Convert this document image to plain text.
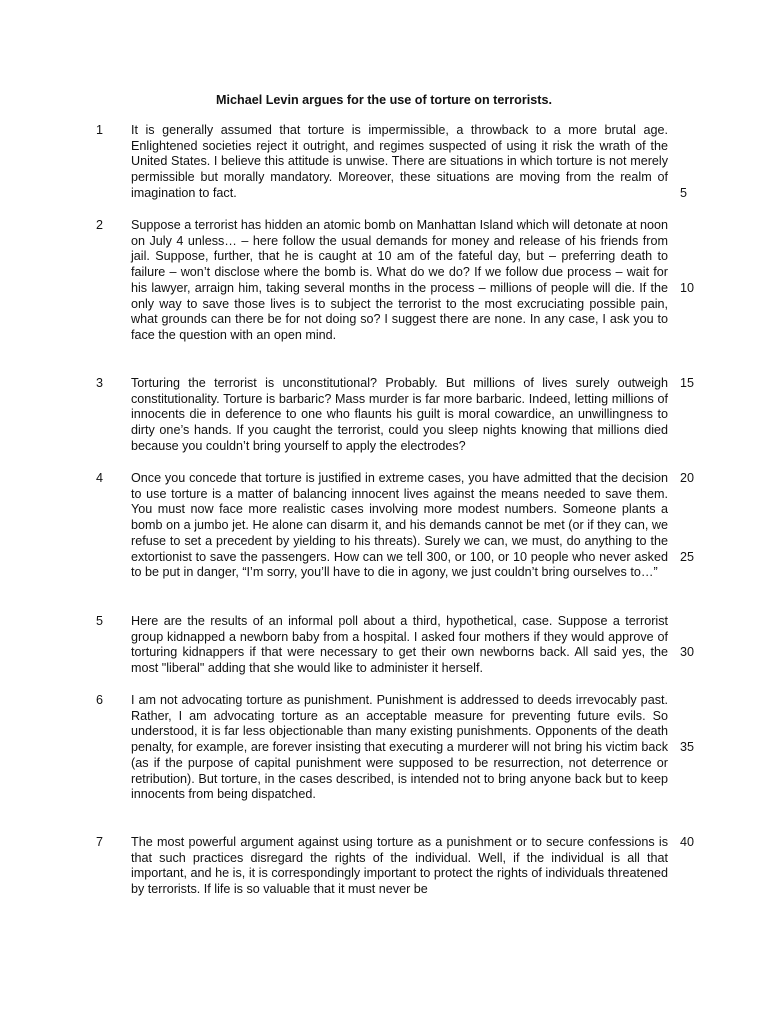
Michael Levin argues for the use of torture on terrorists.
1 It is generally assumed that torture is impermissible, a throwback to a more brutal age. Enlightened societies reject it outright, and regimes suspected of using it risk the wrath of the United States. I believe this attitude is unwise. There are situations in which torture is not merely permissible but morally mandatory. Moreover, these situations are moving from the realm of imagination to fact.

2 Suppose a terrorist has hidden an atomic bomb on Manhattan Island which will detonate at noon on July 4 unless… – here follow the usual demands for money and release of his friends from jail. Suppose, further, that he is caught at 10 am of the fateful day, but – preferring death to failure – won’t disclose where the bomb is. What do we do? If we follow due process – wait for his lawyer, arraign him, taking several months in the process – millions of people will die. If the only way to save those lives is to subject the terrorist to the most excruciating possible pain, what grounds can there be for not doing so? I suggest there are none. In any case, I ask you to face the question with an open mind.

3 Torturing the terrorist is unconstitutional? Probably. But millions of lives surely outweigh constitutionality. Torture is barbaric? Mass murder is far more barbaric. Indeed, letting millions of innocents die in deference to one who flaunts his guilt is moral cowardice, an unwillingness to dirty one’s hands. If you caught the terrorist, could you sleep nights knowing that millions died because you couldn’t bring yourself to apply the electrodes?

4 Once you concede that torture is justified in extreme cases, you have admitted that the decision to use torture is a matter of balancing innocent lives against the means needed to save them. You must now face more realistic cases involving more modest numbers. Someone plants a bomb on a jumbo jet. He alone can disarm it, and his demands cannot be met (or if they can, we refuse to set a precedent by yielding to his threats). Surely we can, we must, do anything to the extortionist to save the passengers. How can we tell 300, or 100, or 10 people who never asked to be put in danger, “I’m sorry, you’ll have to die in agony, we just couldn’t bring ourselves to…”

5 Here are the results of an informal poll about a third, hypothetical, case. Suppose a terrorist group kidnapped a newborn baby from a hospital. I asked four mothers if they would approve of torturing kidnappers if that were necessary to get their own newborns back. All said yes, the most "liberal" adding that she would like to administer it herself.

6 I am not advocating torture as punishment. Punishment is addressed to deeds irrevocably past. Rather, I am advocating torture as an acceptable measure for preventing future evils. So understood, it is far less objectionable than many existing punishments. Opponents of the death penalty, for example, are forever insisting that executing a murderer will not bring his victim back (as if the purpose of capital punishment were supposed to be resurrection, not deterrence or retribution). But torture, in the cases described, is intended not to bring anyone back but to keep innocents from being dispatched.

7 The most powerful argument against using torture as a punishment or to secure confessions is that such practices disregard the rights of the individual. Well, if the individual is all that important, and he is, it is correspondingly important to protect the rights of individuals threatened by terrorists. If life is so valuable that it must never be

5
10
15
20
25
30
35
40
